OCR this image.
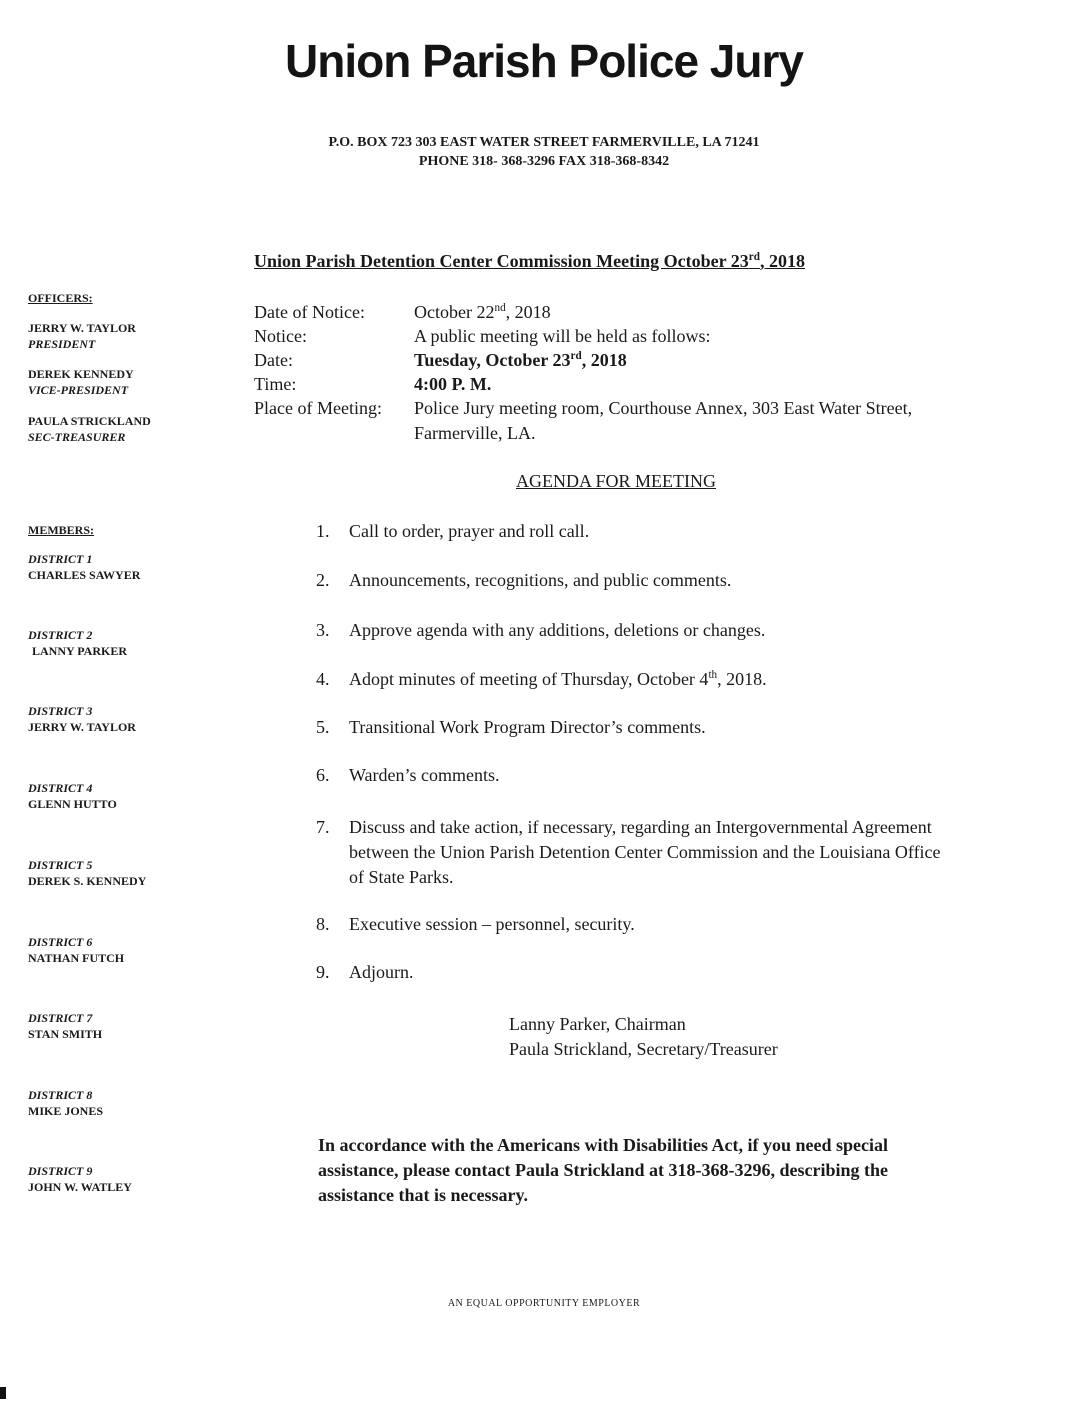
Union Parish Police Jury
P.O. BOX 723 303 EAST WATER STREET FARMERVILLE, LA 71241
PHONE 318- 368-3296 FAX 318-368-8342
Union Parish Detention Center Commission Meeting October 23rd, 2018
OFFICERS:
JERRY W. TAYLOR
PRESIDENT
DEREK KENNEDY
VICE-PRESIDENT
PAULA STRICKLAND
SEC-TREASURER
MEMBERS:
DISTRICT 1
CHARLES SAWYER
DISTRICT 2
LANNY PARKER
DISTRICT 3
JERRY W. TAYLOR
DISTRICT 4
GLENN HUTTO
DISTRICT 5
DEREK S. KENNEDY
DISTRICT 6
NATHAN FUTCH
DISTRICT 7
STAN SMITH
DISTRICT 8
MIKE JONES
DISTRICT 9
JOHN W. WATLEY
Date of Notice:	October 22nd, 2018
Notice:	A public meeting will be held as follows:
Date:	Tuesday, October 23rd, 2018
Time:	4:00 P. M.
Place of Meeting:	Police Jury meeting room, Courthouse Annex, 303 East Water Street, Farmerville, LA.
AGENDA FOR MEETING
1.	Call to order, prayer and roll call.
2.	Announcements, recognitions, and public comments.
3.	Approve agenda with any additions, deletions or changes.
4.	Adopt minutes of meeting of Thursday, October 4th, 2018.
5.	Transitional Work Program Director’s comments.
6.	Warden’s comments.
7.	Discuss and take action, if necessary, regarding an Intergovernmental Agreement between the Union Parish Detention Center Commission and the Louisiana Office of State Parks.
8.	Executive session – personnel, security.
9.	Adjourn.
Lanny Parker, Chairman
Paula Strickland, Secretary/Treasurer
In accordance with the Americans with Disabilities Act, if you need special assistance, please contact Paula Strickland at 318-368-3296, describing the assistance that is necessary.
AN EQUAL OPPORTUNITY EMPLOYER
